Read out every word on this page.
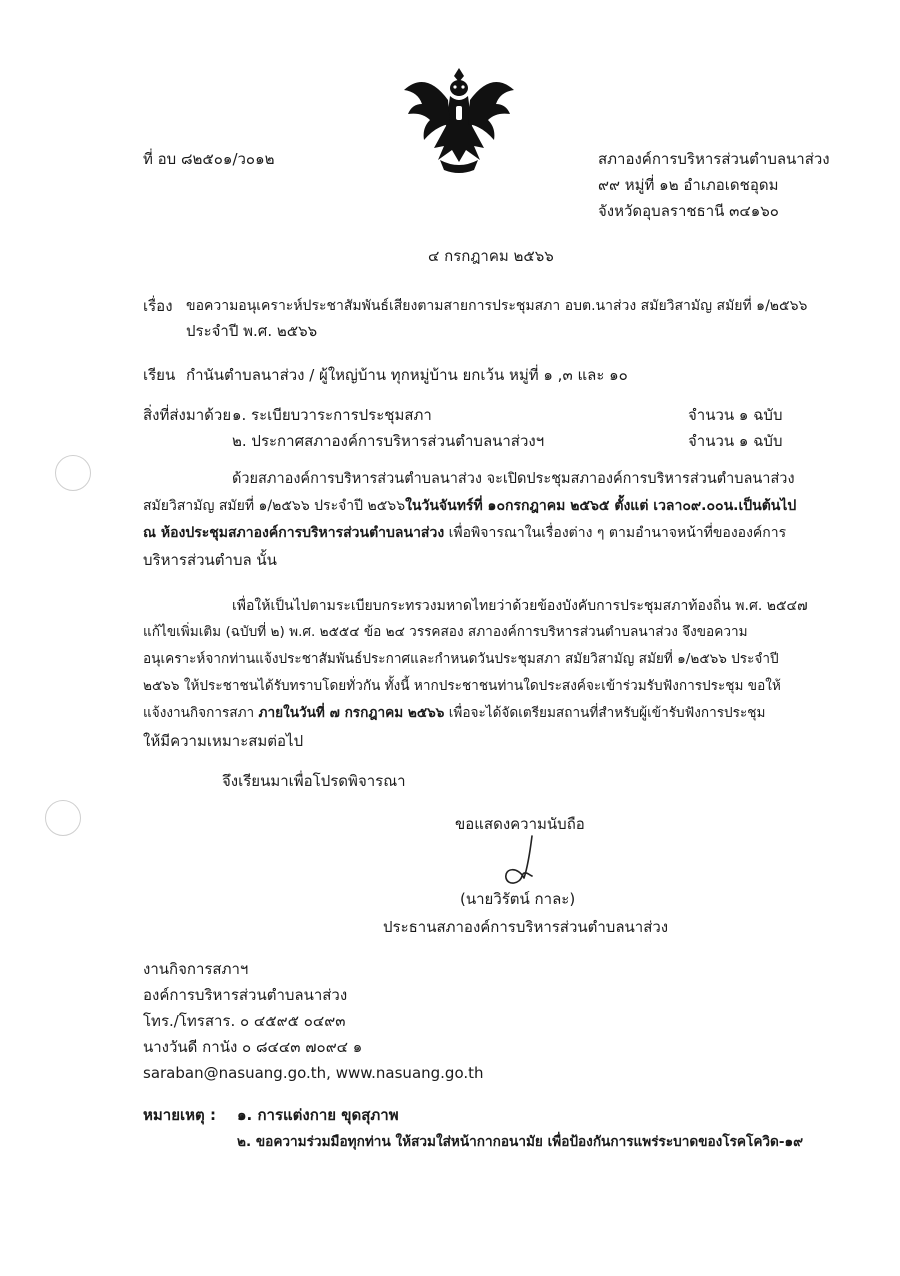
ที่ อบ ๘๒๕๐๑/ว๐๑๒	สภาองค์การบริหารส่วนตำบลนาส่วง
๙๙ หมู่ที่ ๑๒ อำเภอเดชอุดม
จังหวัดอุบลราชธานี ๓๔๑๖๐
๔ กรกฎาคม ๒๕๖๖
เรื่อง ขอความอนุเคราะห์ประชาสัมพันธ์เสียงตามสายการประชุมสภา อบต.นาส่วง สมัยวิสามัญ สมัยที่ ๑/๒๕๖๖
ประจำปี พ.ศ. ๒๕๖๖
เรียน กำนันตำบลนาส่วง / ผู้ใหญ่บ้าน ทุกหมู่บ้าน ยกเว้น หมู่ที่ ๑ ,๓ และ ๑๐
สิ่งที่ส่งมาด้วย ๑. ระเบียบวาระการประชุมสภา	จำนวน ๑ ฉบับ
๒. ประกาศสภาองค์การบริหารส่วนตำบลนาส่วงฯ	จำนวน ๑ ฉบับ
ด้วยสภาองค์การบริหารส่วนตำบลนาส่วง จะเปิดประชุมสภาองค์การบริหารส่วนตำบลนาส่วง
สมัยวิสามัญ สมัยที่ ๑/๒๕๖๖ ประจำปี ๒๕๖๖ในวันจันทร์ที่ ๑๐กรกฎาคม ๒๕๖๕ ตั้งแต่ เวลา๐๙.๐๐น.เป็นต้นไป
ณ ห้องประชุมสภาองค์การบริหารส่วนตำบลนาส่วง เพื่อพิจารณาในเรื่องต่าง ๆ ตามอำนาจหน้าที่ขององค์การ
บริหารส่วนตำบล นั้น
เพื่อให้เป็นไปตามระเบียบกระทรวงมหาดไทยว่าด้วยข้องบังคับการประชุมสภาท้องถิ่น พ.ศ. ๒๕๔๗
แก้ไขเพิ่มเติม (ฉบับที่ ๒) พ.ศ. ๒๕๕๔ ข้อ ๒๔ วรรคสอง สภาองค์การบริหารส่วนตำบลนาส่วง จึงขอความ
อนุเคราะห์จากท่านแจ้งประชาสัมพันธ์ประกาศและกำหนดวันประชุมสภา สมัยวิสามัญ สมัยที่ ๑/๒๕๖๖ ประจำปี
๒๕๖๖ ให้ประชาชนได้รับทราบโดยทั่วกัน ทั้งนี้ หากประชาชนท่านใดประสงค์จะเข้าร่วมรับฟังการประชุม ขอให้
แจ้งงานกิจการสภา ภายในวันที่ ๗ กรกฎาคม ๒๕๖๖ เพื่อจะได้จัดเตรียมสถานที่สำหรับผู้เข้ารับฟังการประชุม
ให้มีความเหมาะสมต่อไป
จึงเรียนมาเพื่อโปรดพิจารณา
ขอแสดงความนับถือ
(นายวิรัตน์ กาละ)
ประธานสภาองค์การบริหารส่วนตำบลนาส่วง
งานกิจการสภาฯ
องค์การบริหารส่วนตำบลนาส่วง
โทร./โทรสาร. ๐ ๔๕๙๕ ๐๔๙๓
นางวันดี กานัง ๐ ๘๔๔๓ ๗๐๙๔ ๑
saraban@nasuang.go.th, www.nasuang.go.th
หมายเหตุ : ๑. การแต่งกาย ขุดสุภาพ
๒. ขอความร่วมมือทุกท่าน ให้สวมใส่หน้ากากอนามัย เพื่อป้องกันการแพร่ระบาดของโรคโควิด-๑๙
